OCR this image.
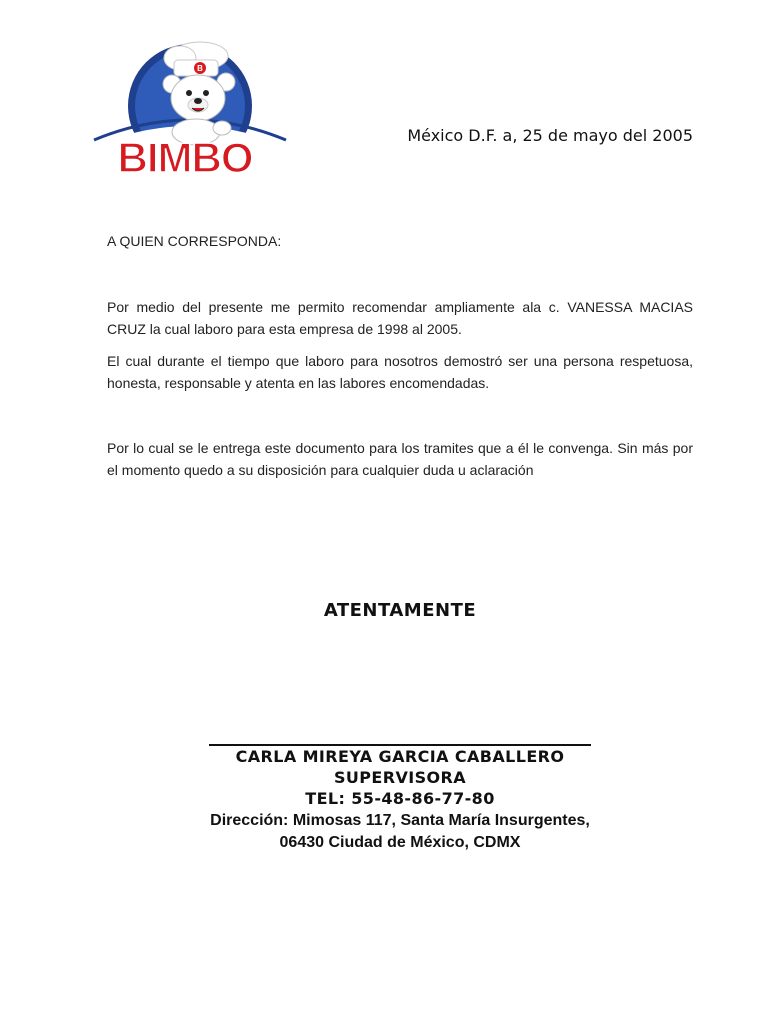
B
BIMBO	México D.F. a, 25 de mayo del 2005

A QUIEN CORRESPONDA:

Por medio del presente me permito recomendar ampliamente ala c. VANESSA MACIAS CRUZ la cual laboro para esta empresa de 1998 al 2005.

El cual durante el tiempo que laboro para nosotros demostró ser una persona respetuosa, honesta, responsable y atenta en las labores encomendadas.

Por lo cual se le entrega este documento para los tramites que a él le convenga. Sin más por el momento quedo a su disposición para cualquier duda u aclaración

ATENTAMENTE
CARLA MIREYA GARCIA CABALLERO
SUPERVISORA
TEL: 55-48-86-77-80
Dirección: Mimosas 117, Santa María Insurgentes,
06430 Ciudad de México, CDMX
